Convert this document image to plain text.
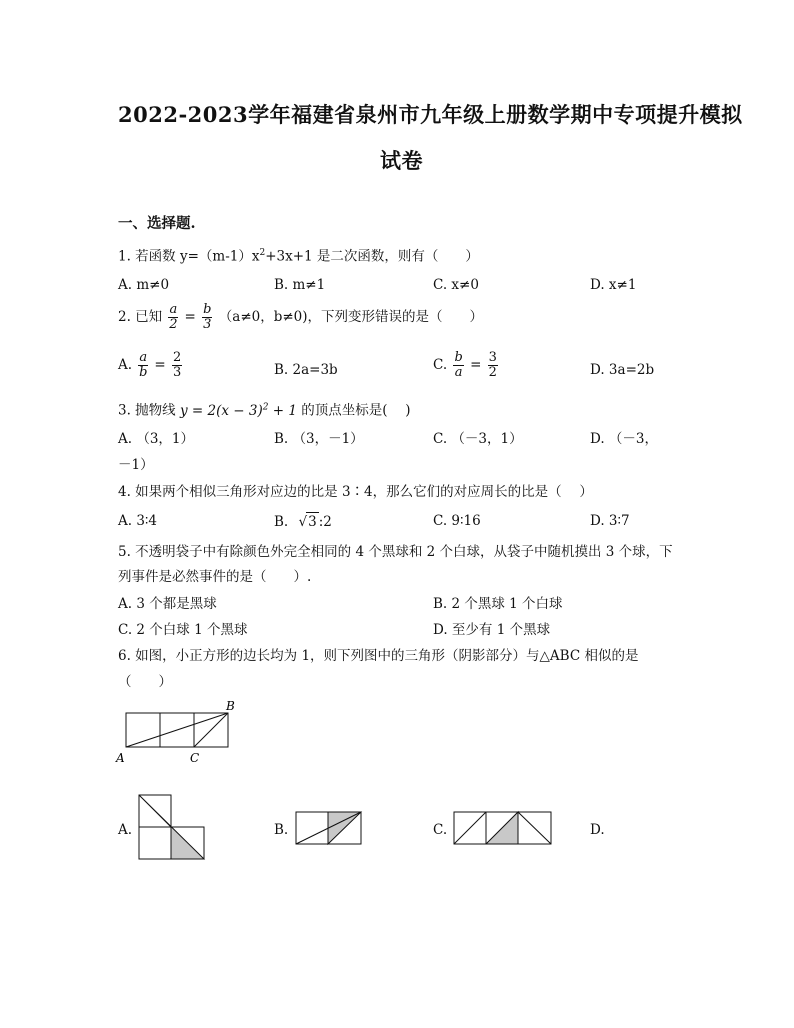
2022-2023学年福建省泉州市九年级上册数学期中专项提升模拟
试卷
一、选择题.
1. 若函数 $y=(m-1)x^2+3x+1$ 是二次函数，则有（　　）
A. m≠0	B. m≠1	C. x≠0	D. x≠1
2. 已知 $\frac{a}{2} = \frac{b}{3} (a\ne 0$，b≠0)，下列变形错误的是（　　）
A. $\frac{a}{b} = \frac{2}{3}$	B. 2a=3b	C. $\frac{b}{a} = \frac{3}{2}$	D. 3a=2b
3. 抛物线 $y = 2(x - 3)^2 + 1$ 的顶点坐标是(　 )
A. （3，1）	B. （3，－1）	C. （－3，1）	D. （－3，
－1）
4. 如果两个相似三角形对应边的比是 3∶4，那么它们的对应周长的比是（　 ）
A. 3∶4	B. √3 :2	C. 9∶16	D. 3∶7
5. 不透明袋子中有除颜色外完全相同的 4 个黑球和 2 个白球，从袋子中随机摸出 3 个球，下
列事件是必然事件的是（　　）.
A. 3 个都是黑球	B. 2 个黑球 1 个白球
C. 2 个白球 1 个黑球	D. 至少有 1 个黑球
6. 如图，小正方形的边长均为 1，则下列图中的三角形（阴影部分）与△ABC 相似的是
（　　）
B
A	C
A.	B.	C.	D.
